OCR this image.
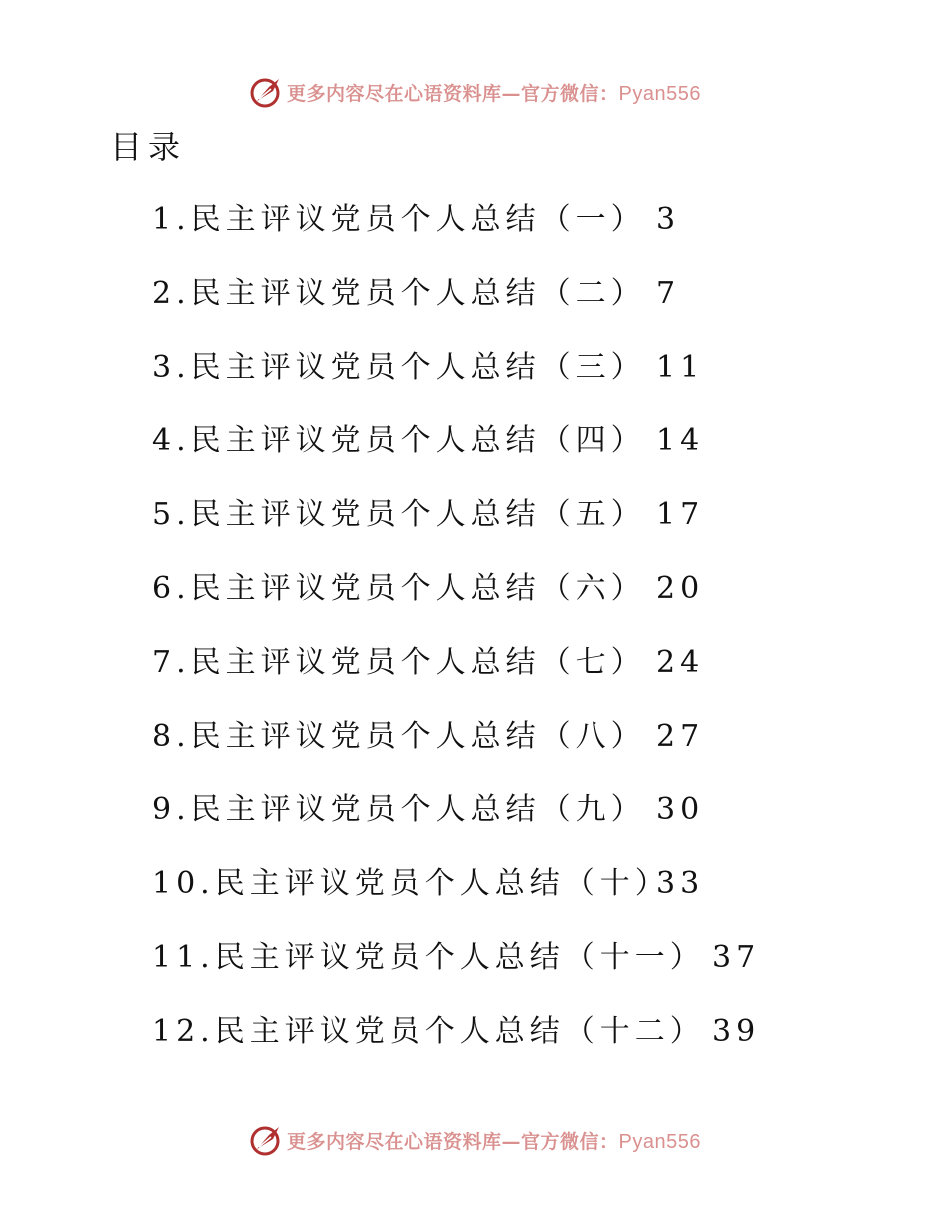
更多内容尽在心语资料库—官方微信：Pyan556
目录
1.民主评议党员个人总结（一） 3
2.民主评议党员个人总结（二） 7
3.民主评议党员个人总结（三） 11
4.民主评议党员个人总结（四） 14
5.民主评议党员个人总结（五） 17
6.民主评议党员个人总结（六） 20
7.民主评议党员个人总结（七） 24
8.民主评议党员个人总结（八） 27
9.民主评议党员个人总结（九） 30
10.民主评议党员个人总结（十）
33
11.民主评议党员个人总结（十一） 37
12.民主评议党员个人总结（十二） 39
更多内容尽在心语资料库—官方微信：Pyan556
